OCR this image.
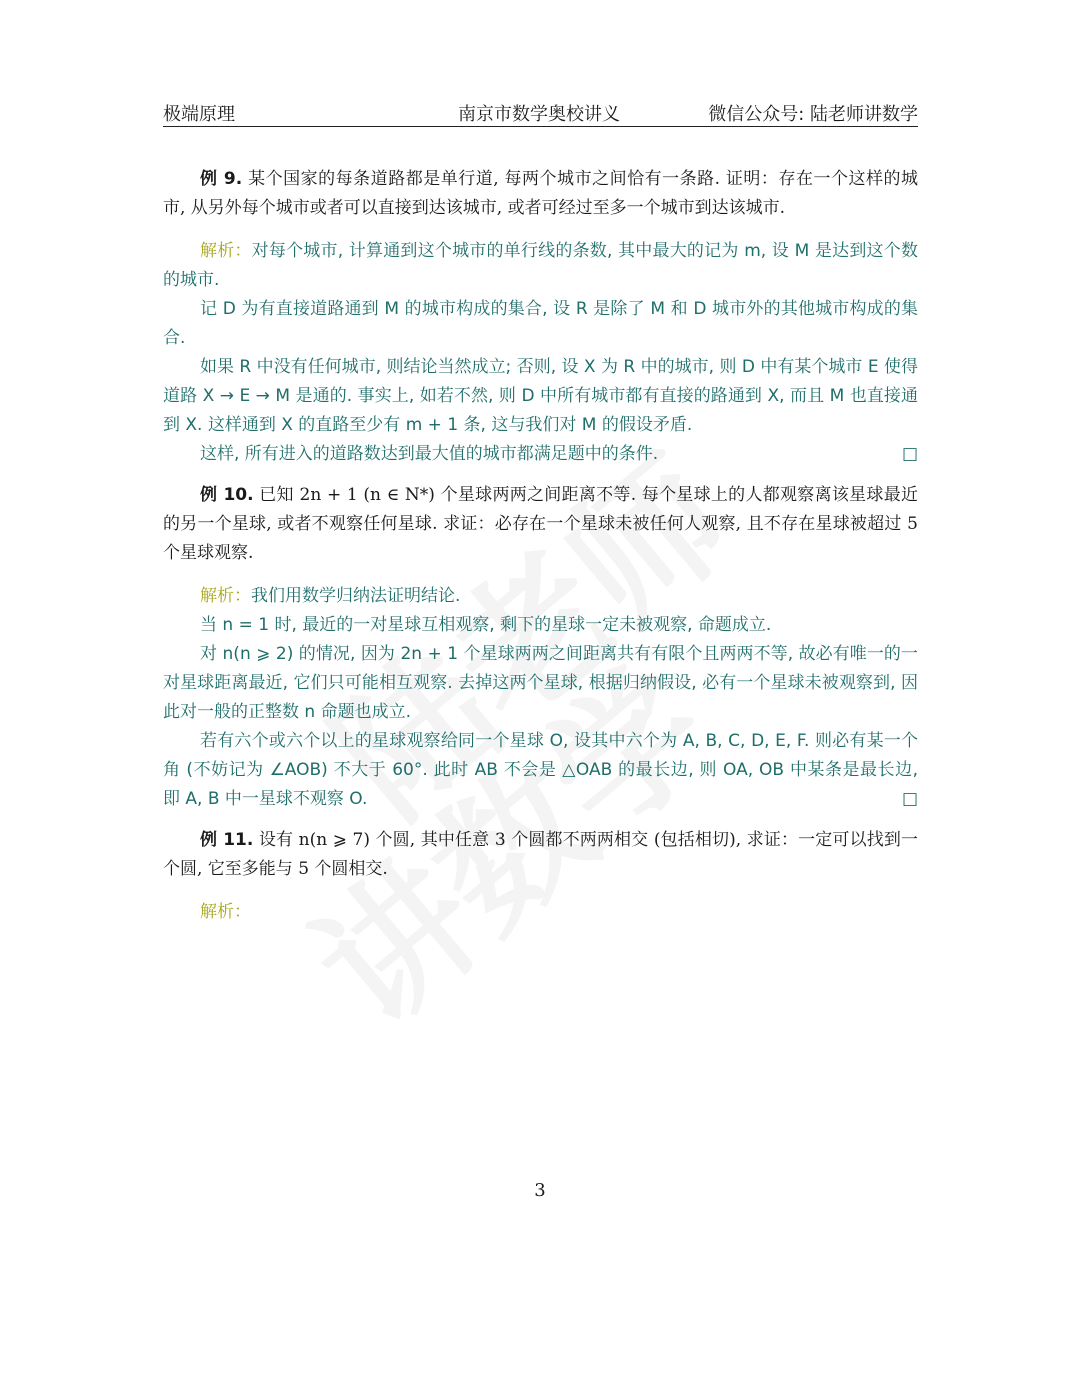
极端原理	南京市数学奥校讲义	微信公众号: 陆老师讲数学

例 9. 某个国家的每条道路都是单行道, 每两个城市之间恰有一条路. 证明：存在一个这样的城市, 从另外每个城市或者可以直接到达该城市, 或者可经过至多一个城市到达该城市.

解析：对每个城市, 计算通到这个城市的单行线的条数, 其中最大的记为 m, 设 M 是达到这个数的城市.

记 D 为有直接道路通到 M 的城市构成的集合, 设 R 是除了 M 和 D 城市外的其他城市构成的集合.

如果 R 中没有任何城市, 则结论当然成立; 否则, 设 X 为 R 中的城市, 则 D 中有某个城市 E 使得道路 X → E → M 是通的. 事实上, 如若不然, 则 D 中所有城市都有直接的路通到 X, 而且 M 也直接通到 X. 这样通到 X 的直路至少有 m + 1 条, 这与我们对 M 的假设矛盾.

这样, 所有进入的道路数达到最大值的城市都满足题中的条件.	□

例 10. 已知 2n + 1 (n ∈ N*) 个星球两两之间距离不等. 每个星球上的人都观察离该星球最近的另一个星球, 或者不观察任何星球. 求证：必存在一个星球未被任何人观察, 且不存在星球被超过 5 个星球观察.

解析：我们用数学归纳法证明结论.

当 n = 1 时, 最近的一对星球互相观察, 剩下的星球一定未被观察, 命题成立.

对 n(n ⩾ 2) 的情况, 因为 2n + 1 个星球两两之间距离共有有限个且两两不等, 故必有唯一的一对星球距离最近, 它们只可能相互观察. 去掉这两个星球, 根据归纳假设, 必有一个星球未被观察到, 因此对一般的正整数 n 命题也成立.

若有六个或六个以上的星球观察给同一个星球 O, 设其中六个为 A, B, C, D, E, F. 则必有某一个角 (不妨记为 ∠AOB) 不大于 60°. 此时 AB 不会是 △OAB 的最长边, 则 OA, OB 中某条是最长边, 即 A, B 中一星球不观察 O.	□

例 11. 设有 n(n ⩾ 7) 个圆, 其中任意 3 个圆都不两两相交 (包括相切), 求证：一定可以找到一个圆, 它至多能与 5 个圆相交.

解析：

3
